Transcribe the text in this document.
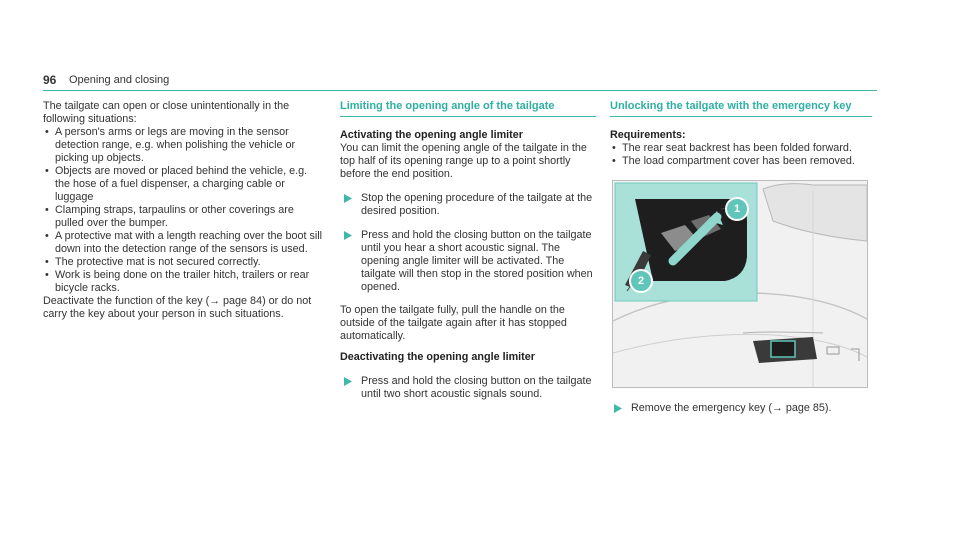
96 Opening and closing

The tailgate can open or close unintentionally in the following situations:

• A person's arms or legs are moving in the sensor detection range, e.g. when polishing the vehicle or picking up objects.
• Objects are moved or placed behind the vehicle, e.g. the hose of a fuel dispenser, a charging cable or luggage
• Clamping straps, tarpaulins or other coverings are pulled over the bumper.
• A protective mat with a length reaching over the boot sill down into the detection range of the sensors is used.
• The protective mat is not secured correctly.
• Work is being done on the trailer hitch, trailers or rear bicycle racks.

Deactivate the function of the key (→ page 84) or do not carry the key about your person in such situations.

Limiting the opening angle of the tailgate

Activating the opening angle limiter

You can limit the opening angle of the tailgate in the top half of its opening range up to a point shortly before the end position.

Stop the opening procedure of the tailgate at the desired position.
Press and hold the closing button on the tailgate until you hear a short acoustic signal. The opening angle limiter will be activated. The tailgate will then stop in the stored position when opened.

To open the tailgate fully, pull the handle on the outside of the tailgate again after it has stopped automatically.

Deactivating the opening angle limiter

Press and hold the closing button on the tailgate until two short acoustic signals sound.
Unlocking the tailgate with the emergency key

Requirements:

• The rear seat backrest has been folded forward.
• The load compartment cover has been removed.
1
2
Remove the emergency key (→ page 85).
